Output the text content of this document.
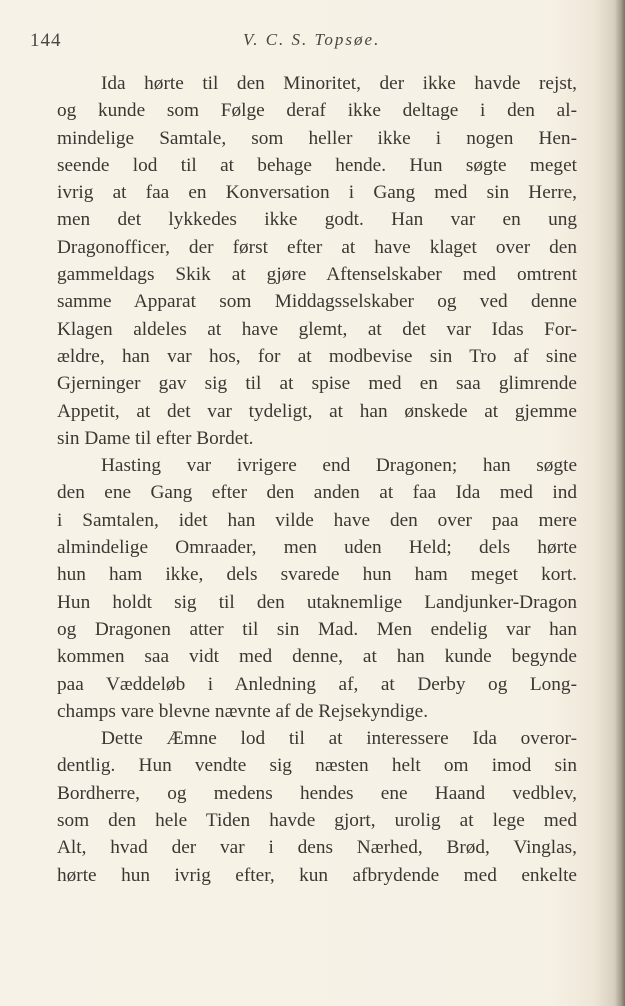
144	V. C. S. Topsøe.
Ida hørte til den Minoritet, der ikke havde rejst,
og kunde som Følge deraf ikke deltage i den al-
mindelige Samtale, som heller ikke i nogen Hen-
seende lod til at behage hende. Hun søgte meget
ivrig at faa en Konversation i Gang med sin Herre,
men det lykkedes ikke godt. Han var en ung
Dragonofficer, der først efter at have klaget over den
gammeldags Skik at gjøre Aftenselskaber med omtrent
samme Apparat som Middagsselskaber og ved denne
Klagen aldeles at have glemt, at det var Idas For-
ældre, han var hos, for at modbevise sin Tro af sine
Gjerninger gav sig til at spise med en saa glimrende
Appetit, at det var tydeligt, at han ønskede at gjemme
sin Dame til efter Bordet.
Hasting var ivrigere end Dragonen; han søgte
den ene Gang efter den anden at faa Ida med ind
i Samtalen, idet han vilde have den over paa mere
almindelige Omraader, men uden Held; dels hørte
hun ham ikke, dels svarede hun ham meget kort.
Hun holdt sig til den utaknemlige Landjunker-Dragon
og Dragonen atter til sin Mad. Men endelig var han
kommen saa vidt med denne, at han kunde begynde
paa Væddeløb i Anledning af, at Derby og Long-
champs vare blevne nævnte af de Rejsekyndige.
Dette Æmne lod til at interessere Ida overor-
dentlig. Hun vendte sig næsten helt om imod sin
Bordherre, og medens hendes ene Haand vedblev,
som den hele Tiden havde gjort, urolig at lege med
Alt, hvad der var i dens Nærhed, Brød, Vinglas,
hørte hun ivrig efter, kun afbrydende med enkelte
